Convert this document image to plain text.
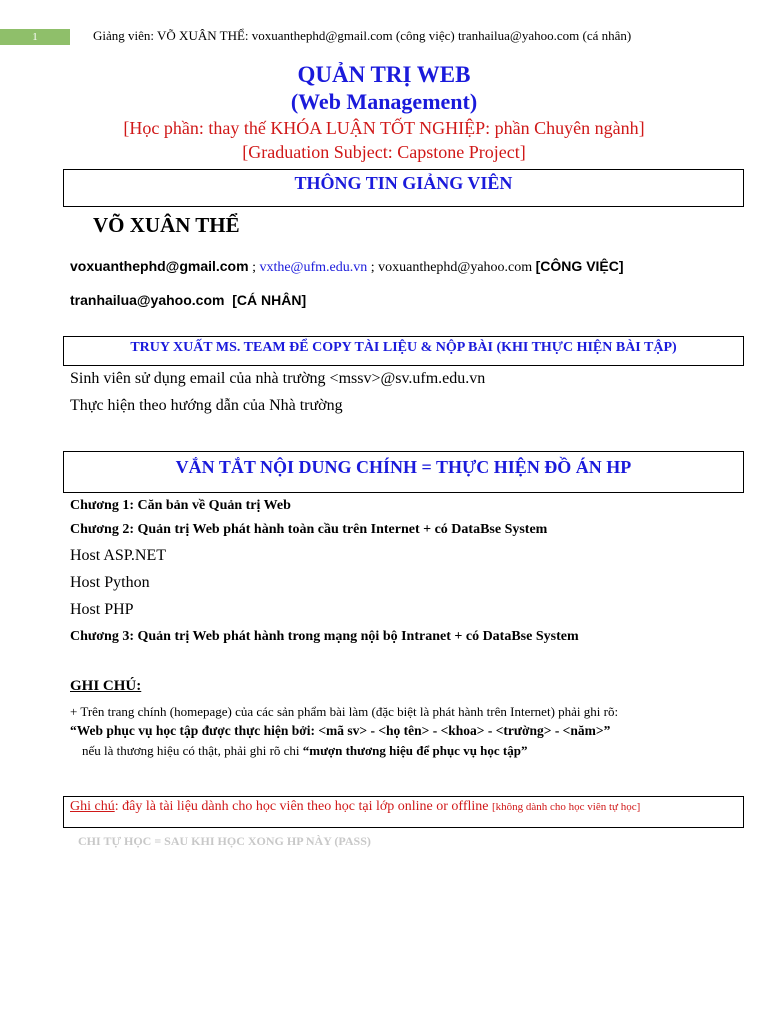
1	Giảng viên: VÕ XUÂN THỂ: voxuanthephd@gmail.com (công việc) tranhailua@yahoo.com (cá nhân)
QUẢN TRỊ WEB
(Web Management)
[Học phần: thay thế KHÓA LUẬN TỐT NGHIỆP: phần Chuyên ngành]
[Graduation Subject: Capstone Project]
THÔNG TIN GIẢNG VIÊN
VÕ XUÂN THỂ
voxuanthephd@gmail.com ; vxthe@ufm.edu.vn ; voxuanthephd@yahoo.com [CÔNG VIỆC]
tranhailua@yahoo.com [CÁ NHÂN]
TRUY XUẤT MS. TEAM ĐỂ COPY TÀI LIỆU & NỘP BÀI (KHI THỰC HIỆN BÀI TẬP)
Sinh viên sử dụng email của nhà trường <mssv>@sv.ufm.edu.vn
Thực hiện theo hướng dẫn của Nhà trường
VẮN TẮT NỘI DUNG CHÍNH = THỰC HIỆN ĐỒ ÁN HP
Chương 1: Căn bản về Quản trị Web
Chương 2: Quản trị Web phát hành toàn cầu trên Internet + có DataBse System
Host ASP.NET
Host Python
Host PHP
Chương 3: Quản trị Web phát hành trong mạng nội bộ Intranet + có DataBse System
GHI CHÚ:
+ Trên trang chính (homepage) của các sản phẩm bài làm (đặc biệt là phát hành trên Internet) phải ghi rõ:
“Web phục vụ học tập được thực hiện bởi: <mã sv> - <họ tên> - <khoa> - <trường> - <năm>”
nếu là thương hiệu có thật, phải ghi rõ chi “mượn thương hiệu để phục vụ học tập”
Ghi chú: đây là tài liệu dành cho học viên theo học tại lớp online or offline [không dành cho học viên tự học]
CHI TỰ HỌC = SAU KHI HỌC XONG HP NÀY (PASS)
